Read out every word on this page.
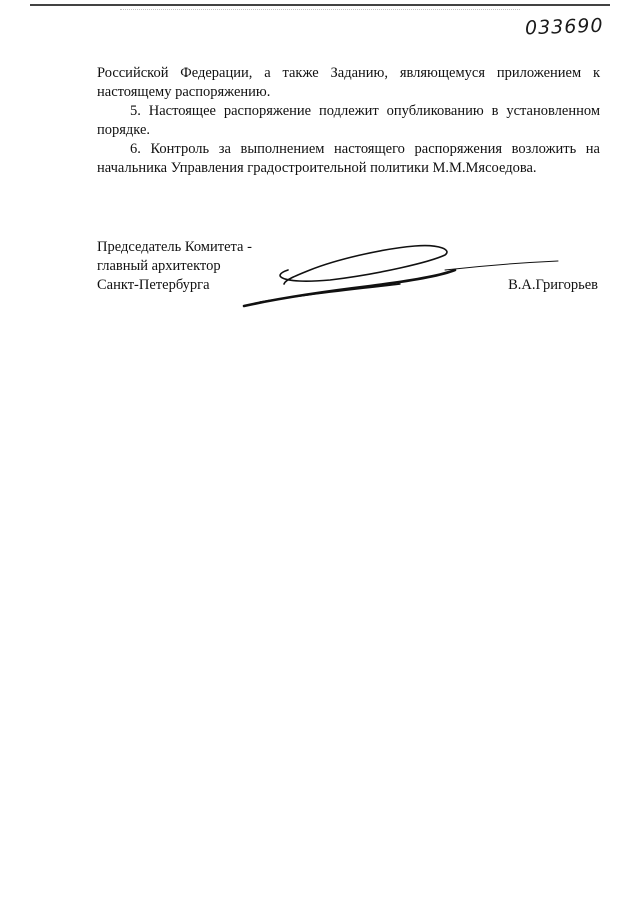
033690

Российской Федерации, а также Заданию, являющемуся приложением к настоящему распоряжению.

5. Настоящее распоряжение подлежит опубликованию в установленном порядке.

6. Контроль за выполнением настоящего распоряжения возложить на начальника Управления градостроительной политики М.М.Мясоедова.

Председатель Комитета -
главный архитектор
Санкт-Петербурга	В.А.Григорьев
